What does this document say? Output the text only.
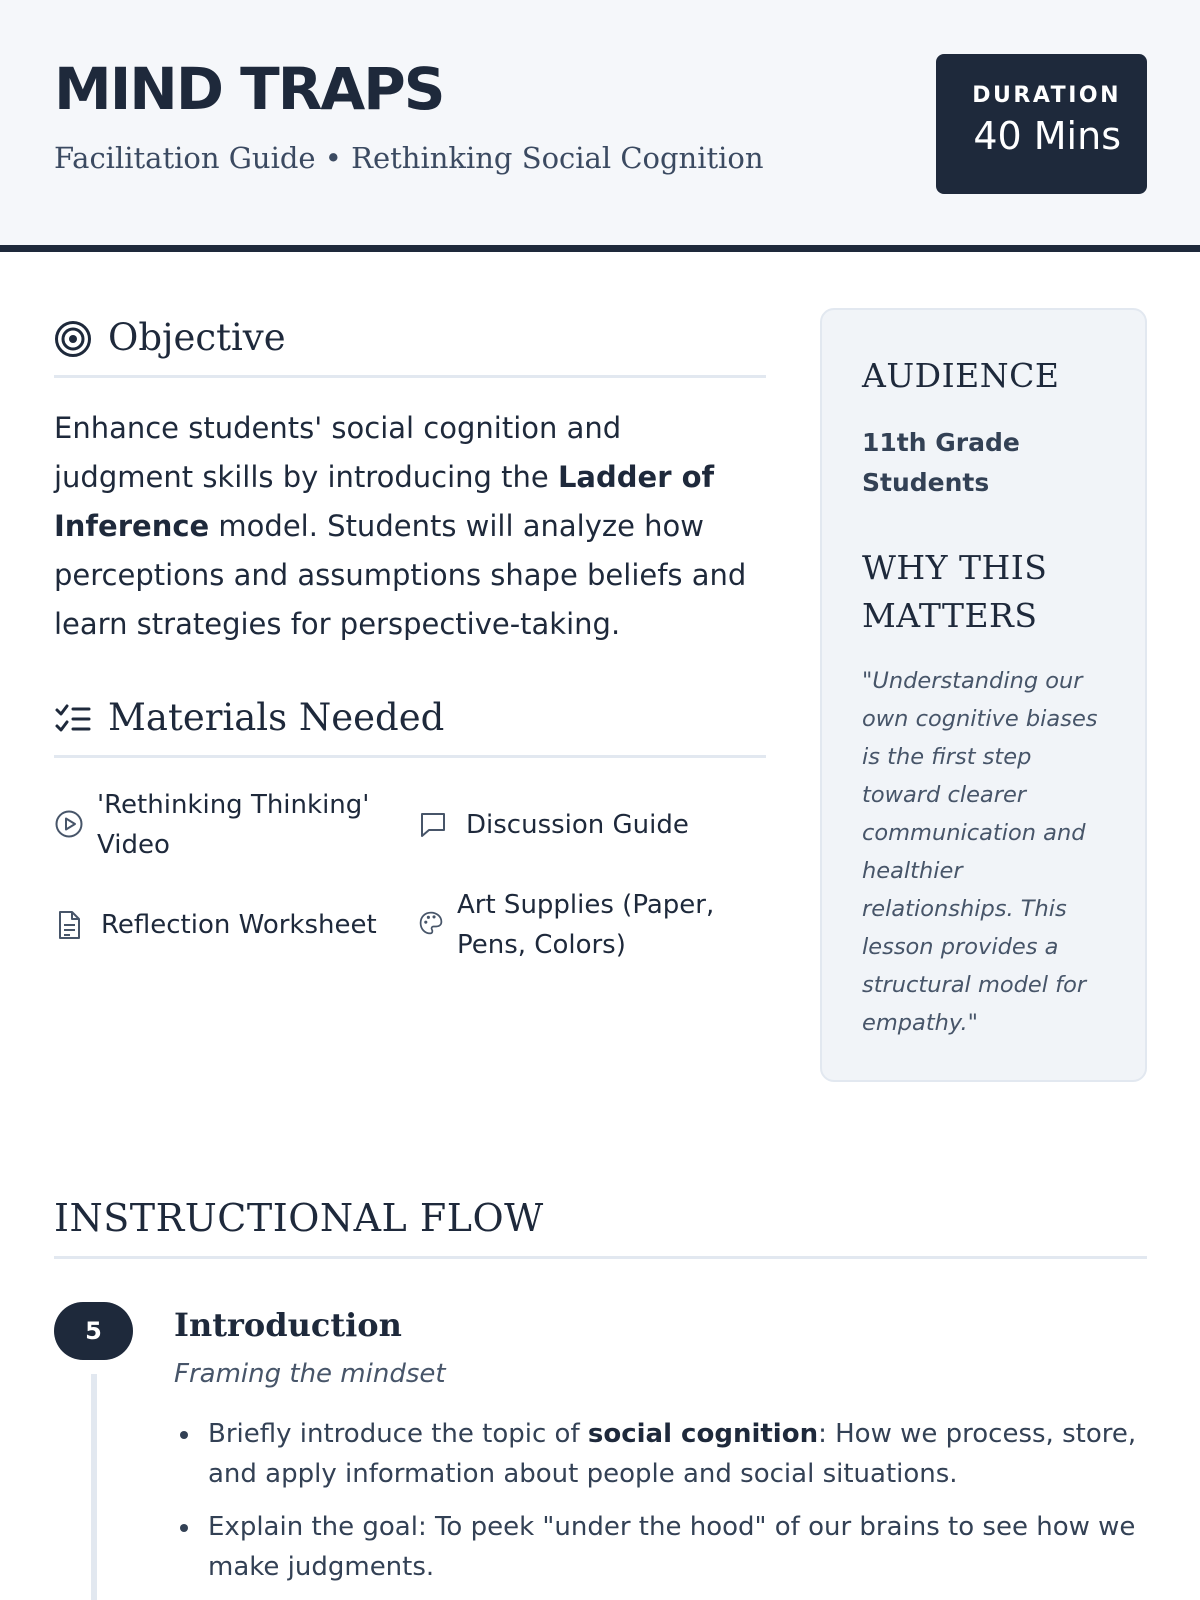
MIND TRAPS
Facilitation Guide • Rethinking Social Cognition
DURATION
40 Mins
Objective
Enhance students' social cognition and judgment skills by introducing the Ladder of Inference model. Students will analyze how perceptions and assumptions shape beliefs and learn strategies for perspective-taking.
Materials Needed
'Rethinking Thinking' Video
Discussion Guide
Reflection Worksheet
Art Supplies (Paper, Pens, Colors)
AUDIENCE
11th Grade Students
WHY THIS MATTERS
"Understanding our own cognitive biases is the first step toward clearer communication and healthier relationships. This lesson provides a structural model for empathy."
INSTRUCTIONAL FLOW
5	Introduction
Framing the mindset
Briefly introduce the topic of social cognition: How we process, store, and apply information about people and social situations.
Explain the goal: To peek "under the hood" of our brains to see how we make judgments.
